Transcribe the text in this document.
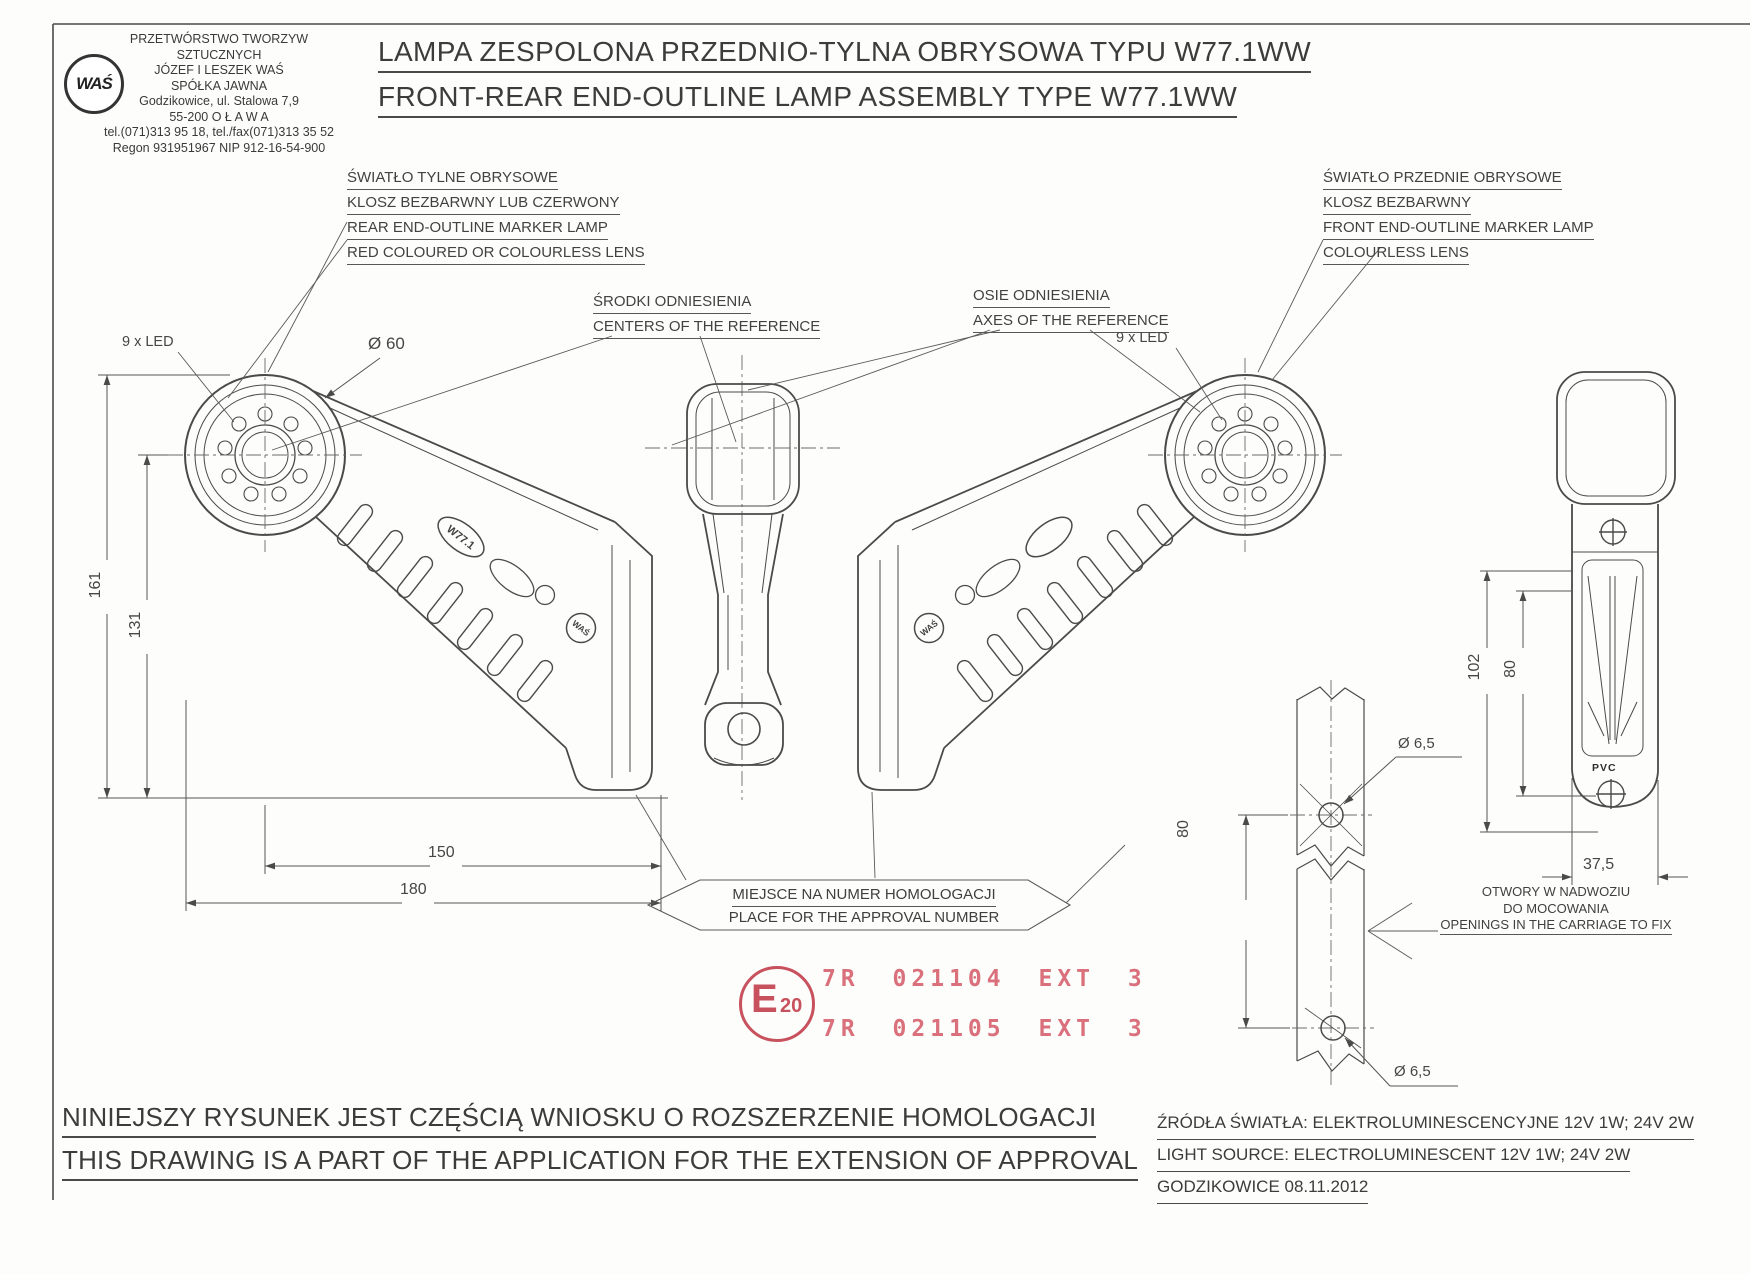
W77.1
WAŚ	WAŚ
WAŚ
PRZETWÓRSTWO TWORZYW SZTUCZNYCH
JÓZEF I LESZEK WAŚ
SPÓŁKA JAWNA
Godzikowice, ul. Stalowa 7,9
55-200 O Ł A W A
tel.(071)313 95 18, tel./fax(071)313 35 52
Regon 931951967 NIP 912-16-54-900
LAMPA ZESPOLONA PRZEDNIO-TYLNA OBRYSOWA TYPU W77.1WW
FRONT-REAR END-OUTLINE LAMP ASSEMBLY TYPE W77.1WW
ŚWIATŁO TYLNE OBRYSOWE
KLOSZ BEZBARWNY LUB CZERWONY
REAR END-OUTLINE MARKER LAMP
RED COLOURED OR COLOURLESS LENS
ŚWIATŁO PRZEDNIE OBRYSOWE
KLOSZ BEZBARWNY
FRONT END-OUTLINE MARKER LAMP
COLOURLESS LENS
ŚRODKI ODNIESIENIA
CENTERS OF THE REFERENCE
OSIE ODNIESIENIA
AXES OF THE REFERENCE
9 x LED	9 x LED
Ø 60
161
131
150
180
102 80
37,5
Ø 6,5
Ø 6,5
80
PVC
MIEJSCE NA NUMER HOMOLOGACJI
PLACE FOR THE APPROVAL NUMBER
OTWORY W NADWOZIU
DO MOCOWANIA
OPENINGS IN THE CARRIAGE TO FIX
E 20
7R 021104 EXT 3
7R 021105 EXT 3
NINIEJSZY RYSUNEK JEST CZĘŚCIĄ WNIOSKU O ROZSZERZENIE HOMOLOGACJI
THIS DRAWING IS A PART OF THE APPLICATION FOR THE EXTENSION OF APPROVAL
ŹRÓDŁA ŚWIATŁA: ELEKTROLUMINESCENCYJNE 12V 1W; 24V 2W
LIGHT SOURCE: ELECTROLUMINESCENT 12V 1W; 24V 2W
GODZIKOWICE 08.11.2012
